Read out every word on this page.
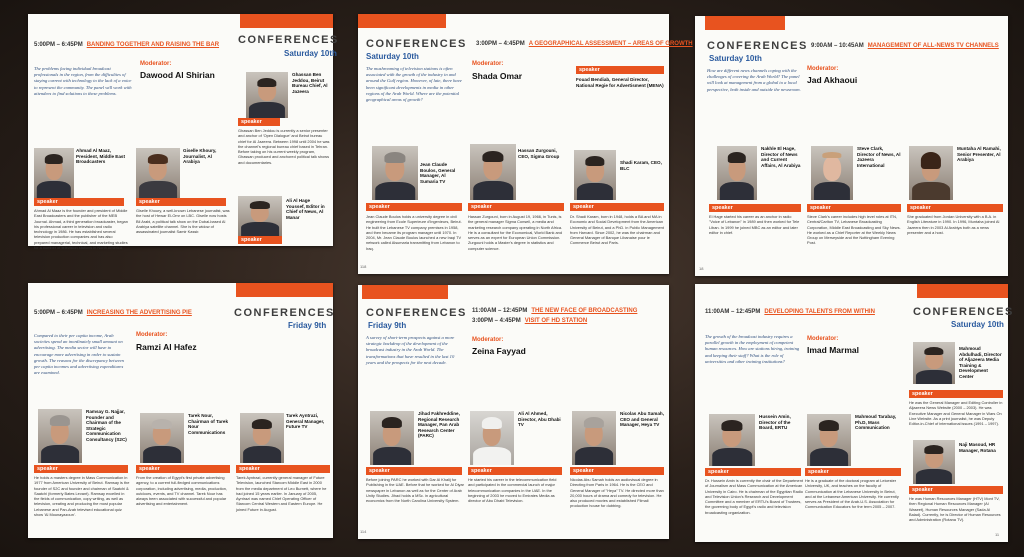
CONFERENCES
Saturday 10th
5:00PM – 6:45PM BANDING TOGETHER AND RAISING THE BAR
The problems facing individual broadcast professionals in the region, from the difficulties of staying current with technology to the lack of a voice to represent the community. The panel will work with attendees to find solutions to these problems.
Moderator:
Dawood Al Shirian	Ghassan Ben Jeddou, Beirut Bureau Chief, Al Jazeera
speaker
Ghassan Ben Jeddou is currently a senior presenter and anchor of 'Open Dialogue' and Beirut bureau chief for Al Jazeera. Between 1998 until 2004 he was the channel's regional bureau chief based in Tehran. Before taking on his current weekly program, Ghassan produced and anchored political talk shows and documentaries.
Ahmad Al Maaz, President, Middle East Broadcasters
speaker
Ahmad Al Maaz is the founder and president of Middle East Broadcasters and the publisher of the MEB Journal. Ahmad, a third generation broadcaster, began his professional career in television and radio technology in 1986. He has established several television production companies and has also prepared managerial, technical, and marketing studies for a number of television stations in North America.
Giselle Khoury, Journalist, Al Arabiya
speaker
Giselle Khoury, a well-known Lebanese journalist, was the host of Hewar El-Omr on LBC. Giselle now hosts Bil Arabi, a political talk show on the Dubai-based Al Arabiya satellite channel. She is the widow of assassinated journalist Samir Kassir.
Ali Al Hage Youssef, Editor in Chief of News, Al Manar
speaker
CONFERENCES
Saturday 10th
3:00PM – 4:45PM A GEOGRAPHICAL ASSESSMENT – AREAS OF GROWTH
The mushrooming of television stations is often associated with the growth of the industry in and around the Gulf region. However, of late, there have been significant developments in media in other regions of the Arab World. Where are the potential geographical areas of growth?
Moderator:
Shada Omar
speaker
Fouad Bendiab, General Director, National Regie for Advertisment (MENA)
Jean Claude Boulos, General Manager, Al Sumaria TV
speaker
Jean Claude Boulos holds a university degree in civil engineering from Ecole Superieure d'Ingenieurs, Beirut. He built the Lebanese TV company premises in 1958, and then became its program manager until 1970. In 2004, Mr. Jean Claude Boulos launched a new Iraqi TV network called Alsumaria transmitting from Lebanon to Iraq.
Hassan Zurgouni, CEO, Sigma Group
speaker
Hassan Zurgouni, born in August 19, 1966, in Tunis, is the general manager Sigma Conseil, a media and marketing research company operating in North Africa. He is a consultant for the Economical, World Bank and serves as an expert for European Union Commission. Zurgouni holds a Master's degree in statistics and computer science.
Shadi Karam, CEO, BLC
speaker
Dr. Shadi Karam, born in 1948, holds a BA and MA in Economic and Social Development from the American University of Beirut, and a PhD. in Public Management from Harvard. Since 2002, he was the chairman and General Manager of Banque Libanaise pour le Commerce Beirut and Paris.
118
CONFERENCES
Saturday 10th
9:00AM – 10:45AM MANAGEMENT OF ALL-NEWS TV CHANNELS
How are different news channels coping with the challenges of covering the Arab World? The panel will look at management from a global to a local perspective, both inside and outside the newsroom.
Moderator:
Jad Akhaoui
Nakhle El Hage, Director of News and Current Affairs, Al Arabiya
speaker
El Hage started his career as an anchor in radio "Voice of Lebanon" in 1989 and then worked for Tele Liban. In 1999 he joined MBC as an editor and later editor in chief.
Steve Clark, Director of News, Al Jazeera International
speaker
Steve Clark's career includes high level roles at ITN, Central/Carlton TV, Lebanese Broadcasting Corporation, Middle East Broadcasting and Sky News. He worked as a Chief Reporter at the Weekly News Group on Merseyside and the Nottingham Evening Post.
Muntaha Al Ramahi, Senior Presenter, Al Arabiya
speaker
She graduated from Jordan University with a B.A. in English Literature in 1990. In 1996, Muntaha joined Al Jazeera then in 2003 Al Arabiya both as a news presenter and a host.
18
CONFERENCES
Friday 9th
5:00PM – 6:45PM INCREASING THE ADVERTISING PIE
Compared to their per capita income, Arab societies spend an inordinately small amount on advertising. The media sector will have to encourage more advertising in order to sustain growth. The reasons for the discrepancy between per capita incomes and advertising expenditures are examined.
Moderator:
Ramzi Al Hafez
Ramsay G. Najjar, Founder and Chairman of the Strategic Communication Consultancy (S2C)
speaker
He holds a masters degree in Mass Communication in 1977 from American University of Beirut. Ramsay is the founder of S2C and founder and chairman of Saatchi & Saatchi (formerly Bates Levant). Ramsay excelled in the fields of communication, copy writing, as well as television, creating and producing the most popular Lebanese and Pan-Arab televised educational quiz show 'Al Mounayazoun'.
Tarek Nour, Chairman of Tarek Nour Communications
speaker
From the creation of Egypt's first private advertising agency, to a current full-fledged communications corporation, including advertising, media, production, outdoors, events, and TV channel. Tarek Nour has always been associated with successful and popular advertising and entertainment.
Tarek Ayntrazi, General Manager, Future TV
speaker
Tarek Ayntrazi, currently general manager of Future Television, launched Starcom Middle East in 2000 from the media department of Leo Burnett, where he had joined 15 years earlier. In January of 2005, Ayntrazi was named Chief Operating Officer of Starcom Central Western and Eastern Europe. He joined Future in August.
CONFERENCES
Friday 9th
11:00AM – 12:45PM THE NEW FACE OF BROADCASTING
3:00PM – 4:45PM VISIT OF HD STATION
A survey of short-term prospects against a more strategic backdrop of the development of the broadcast industry in the Arab World. The transformations that have resulted in the last 10 years and the prospects for the next decade.
Moderator:
Zeina Fayyad
Jihad Fakhreddine, Regional Research Manager, Pan Arab Research Center (PARC)
speaker
Before joining PARC he worked with Dar Al Khalij for Publishing in the UAE. Before that he worked for Al Diyar newspaper in Lebanon as well as for the Center of Arab Unity Studies. Jihad holds a MSc. in agricultural economics from the North Carolina University System.
Ali Al Ahmed, Director, Abu Dhabi TV
speaker
He started his career in the telecommunication field and participated in the commercial launch of major telecommunication companies in the UAE. In the beginning of 2003 he moved to Emirates Media as director of Abu Dhabi Television.
Nicolas Abu Samah, CEO and General Manager, Heya TV
speaker
Nicolas Abu Samah holds an audiovisual degree in Directing from Paris in 1964. He is the CEO and General Manager of "Heya" TV. He directed more than 20,000 hours of drama and comedy for television. He also produced movies and established Filmali production house for dubbing.
114
CONFERENCES
Saturday 10th
11:00AM – 12:45PM DEVELOPING TALENTS FROM WITHIN
The growth of the broadcast industry requires a parallel growth in the employment of competent human resources. How are stations hiring, training and keeping their staff? What is the role of universities and other training institutions?
Moderator:
Imad Marmal	Mahmoud Abdulhadi, Director of Aljazeera Media Training & Development Center
speaker
He was the General Manager and Editing Controller in Aljazeera News Website (2000 – 2003). He was Executive Manager and General Manager in Wars On Line Website. As a print journalist, he was Deputy Editor-in-Chief of international issues (1991 – 1997).
Hussein Amin, Director of the Board, ERTU
speaker
Dr. Hussein Amin is currently the chair of the Department of Journalism and Mass Communication at the American University in Cairo. He is chairman of the Egyptian Radio and Television Union's Research and Development Committee and a member of ERTU's Board of Trustees, the governing body of Egypt's radio and television broadcasting organization.
Mahmoud Tarabay, Ph.D, Mass Communication
speaker
He is a graduate of the doctoral program at Leicester University, UK, and teaches on the faculty of Communication at the Lebanese University in Beirut, and at the Lebanese American University. He currently serves as President of the Arab-U.S. Association for Communication Educators for the term 2005 – 2007.
Naji Masoud, HR Manager, Rotana
speaker
He was Human Resources Manager (HTV) Mont TV, then Regional Human Resources Manager (Al Waseet), Human Resources Manager (Sada Al Balad). Currently, he is Director of Human Resources and Administration (Rotana TV).
11
